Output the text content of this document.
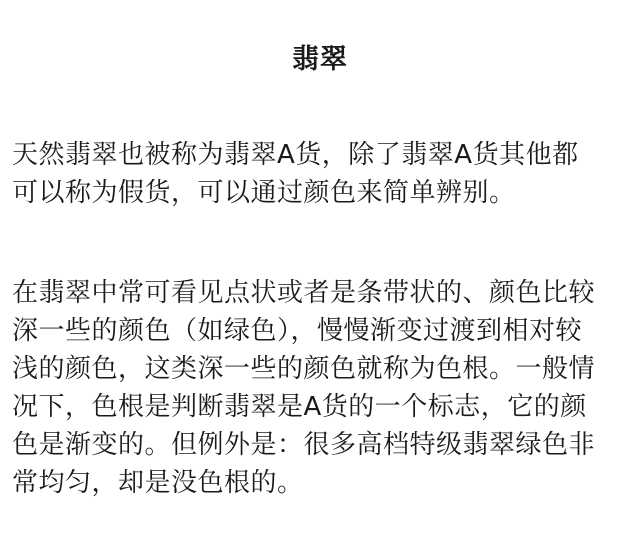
翡翠

天然翡翠也被称为翡翠A货，除了翡翠A货其他都
可以称为假货，可以通过颜色来简单辨别。

在翡翠中常可看见点状或者是条带状的、颜色比较
深一些的颜色（如绿色），慢慢渐变过渡到相对较
浅的颜色，这类深一些的颜色就称为色根。一般情
况下，色根是判断翡翠是A货的一个标志，它的颜
色是渐变的。但例外是：很多高档特级翡翠绿色非
常均匀，却是没色根的。
